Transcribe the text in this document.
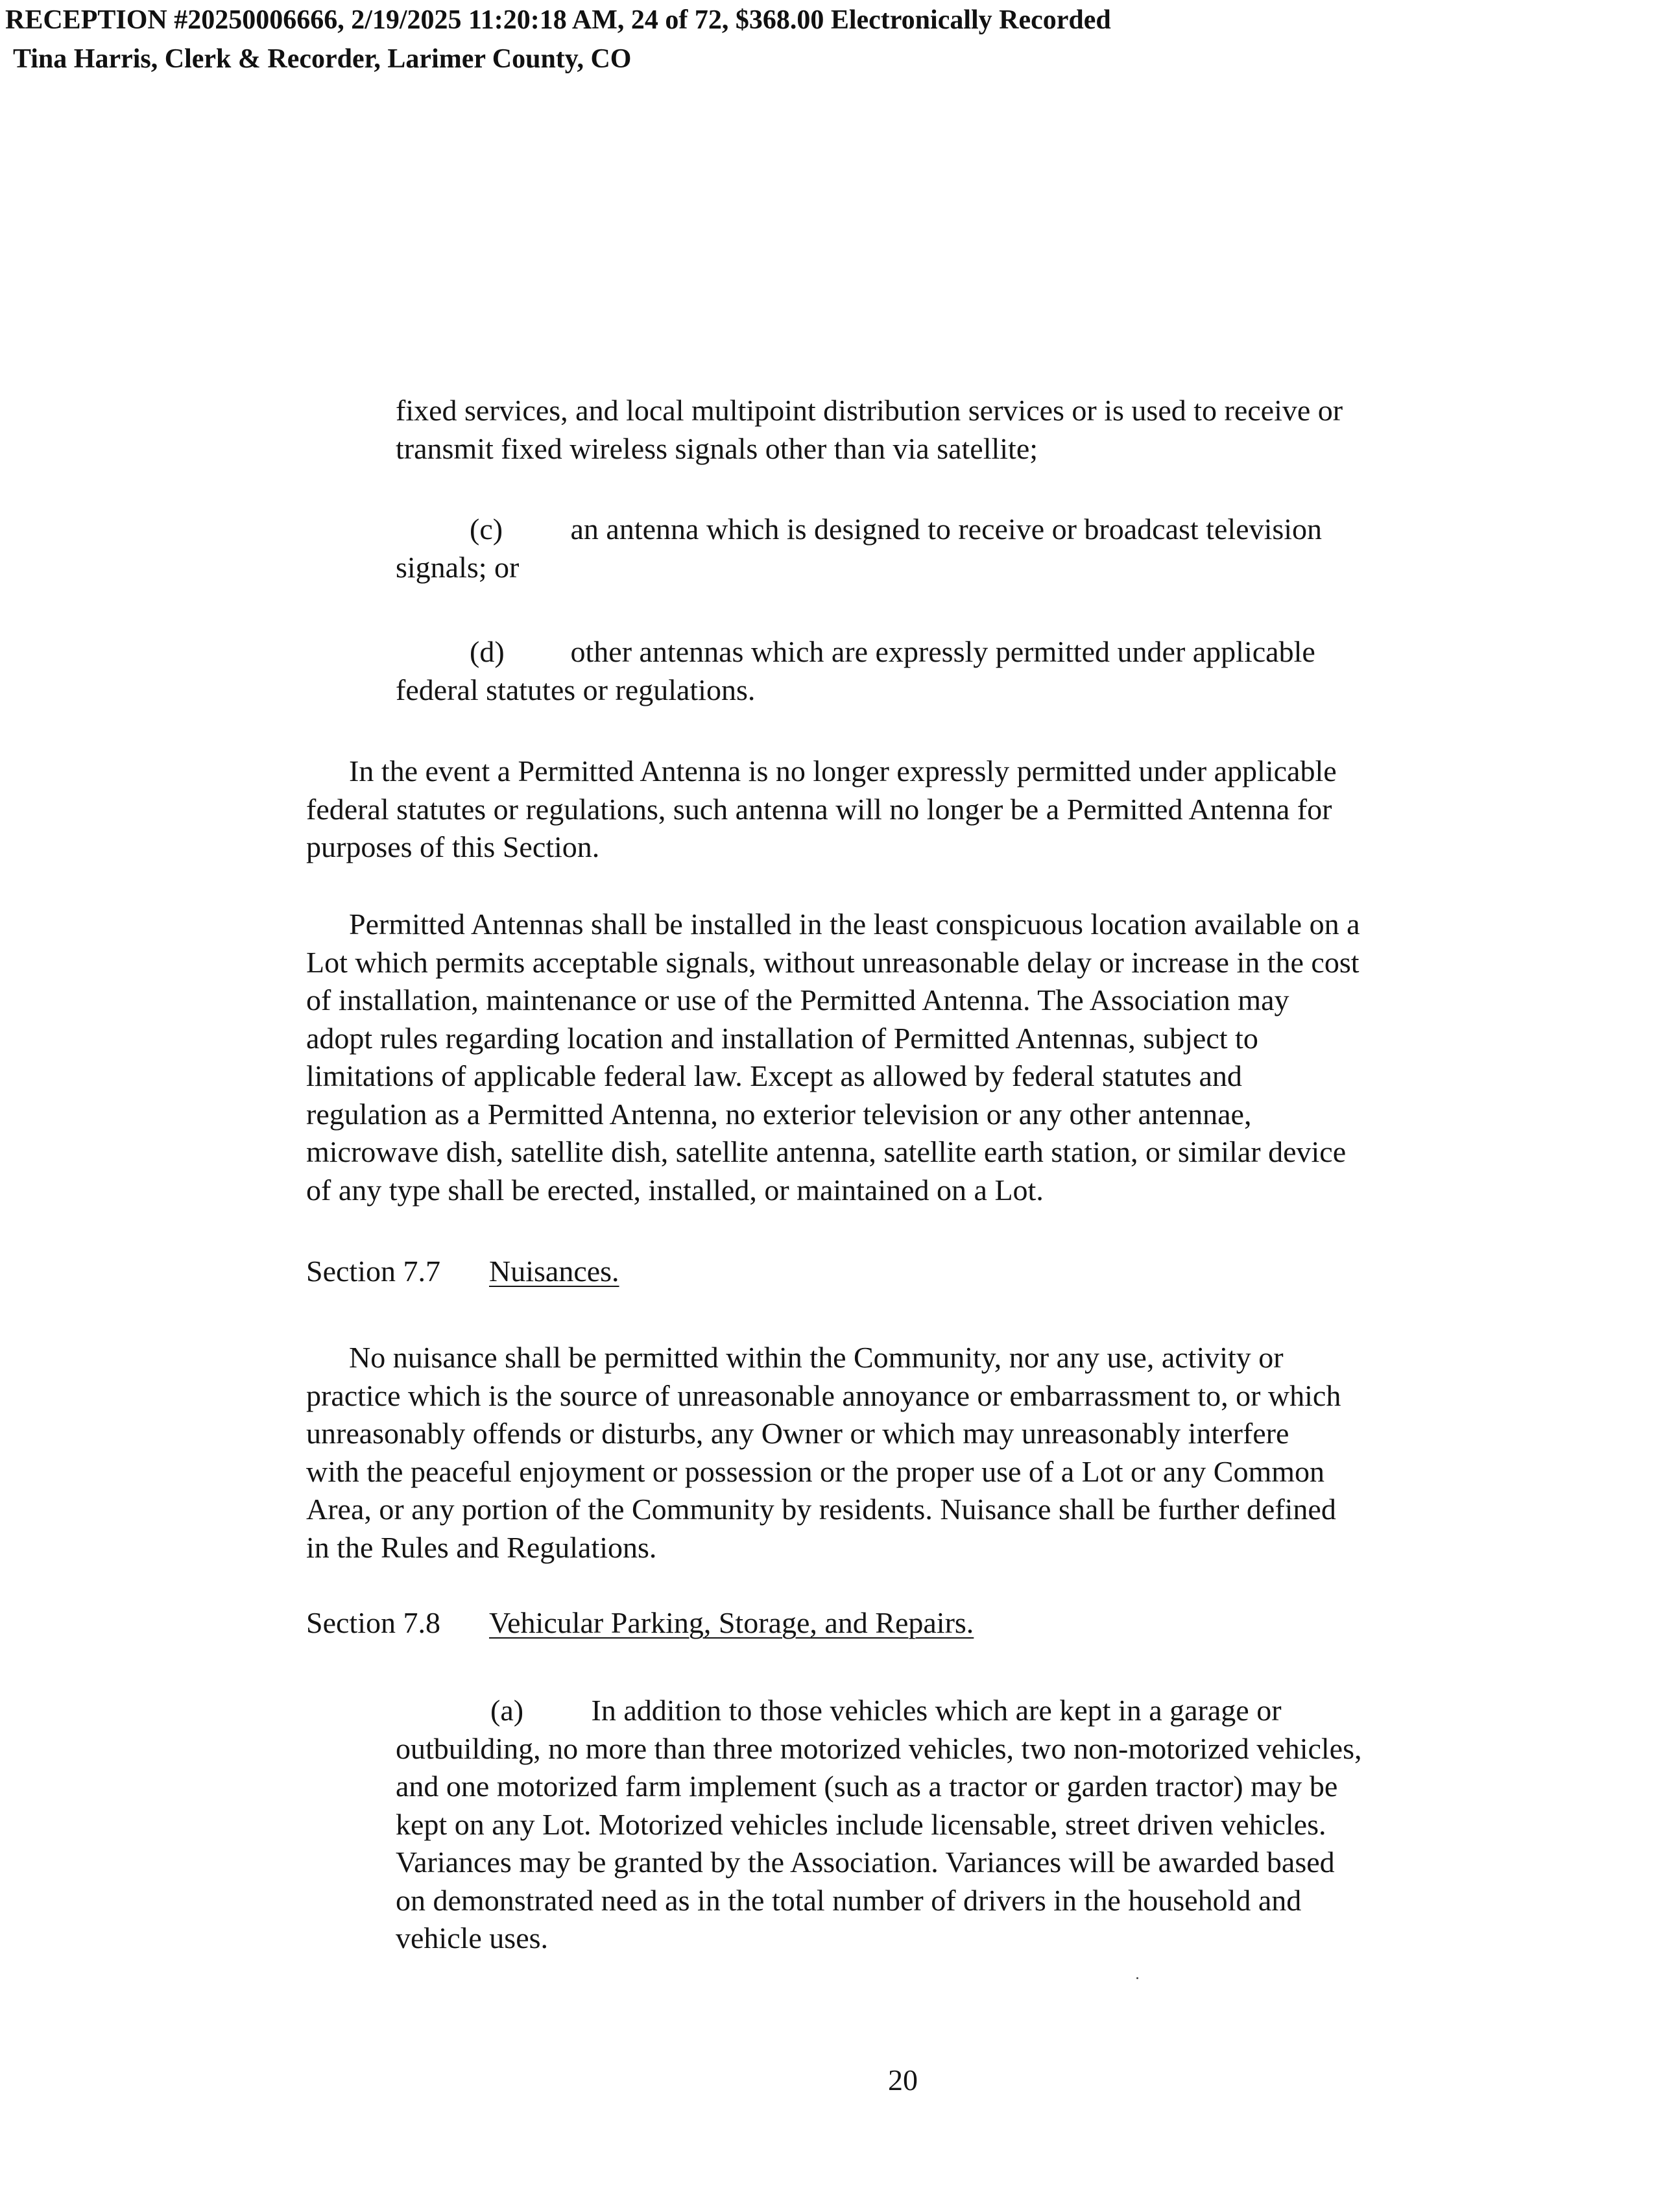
RECEPTION #20250006666, 2/19/2025 11:20:18 AM, 24 of 72, $368.00 Electronically Recorded
Tina Harris, Clerk & Recorder, Larimer County, CO
fixed services, and local multipoint distribution services or is used to receive or
transmit fixed wireless signals other than via satellite;
(c) an antenna which is designed to receive or broadcast television
signals; or
(d) other antennas which are expressly permitted under applicable
federal statutes or regulations.
In the event a Permitted Antenna is no longer expressly permitted under applicable
federal statutes or regulations, such antenna will no longer be a Permitted Antenna for
purposes of this Section.
Permitted Antennas shall be installed in the least conspicuous location available on a
Lot which permits acceptable signals, without unreasonable delay or increase in the cost
of installation, maintenance or use of the Permitted Antenna. The Association may
adopt rules regarding location and installation of Permitted Antennas, subject to
limitations of applicable federal law. Except as allowed by federal statutes and
regulation as a Permitted Antenna, no exterior television or any other antennae,
microwave dish, satellite dish, satellite antenna, satellite earth station, or similar device
of any type shall be erected, installed, or maintained on a Lot.
Section 7.7 Nuisances.
No nuisance shall be permitted within the Community, nor any use, activity or
practice which is the source of unreasonable annoyance or embarrassment to, or which
unreasonably offends or disturbs, any Owner or which may unreasonably interfere
with the peaceful enjoyment or possession or the proper use of a Lot or any Common
Area, or any portion of the Community by residents. Nuisance shall be further defined
in the Rules and Regulations.
Section 7.8 Vehicular Parking, Storage, and Repairs.
(a) In addition to those vehicles which are kept in a garage or
outbuilding, no more than three motorized vehicles, two non-motorized vehicles,
and one motorized farm implement (such as a tractor or garden tractor) may be
kept on any Lot. Motorized vehicles include licensable, street driven vehicles.
Variances may be granted by the Association. Variances will be awarded based
on demonstrated need as in the total number of drivers in the household and
vehicle uses.
20
